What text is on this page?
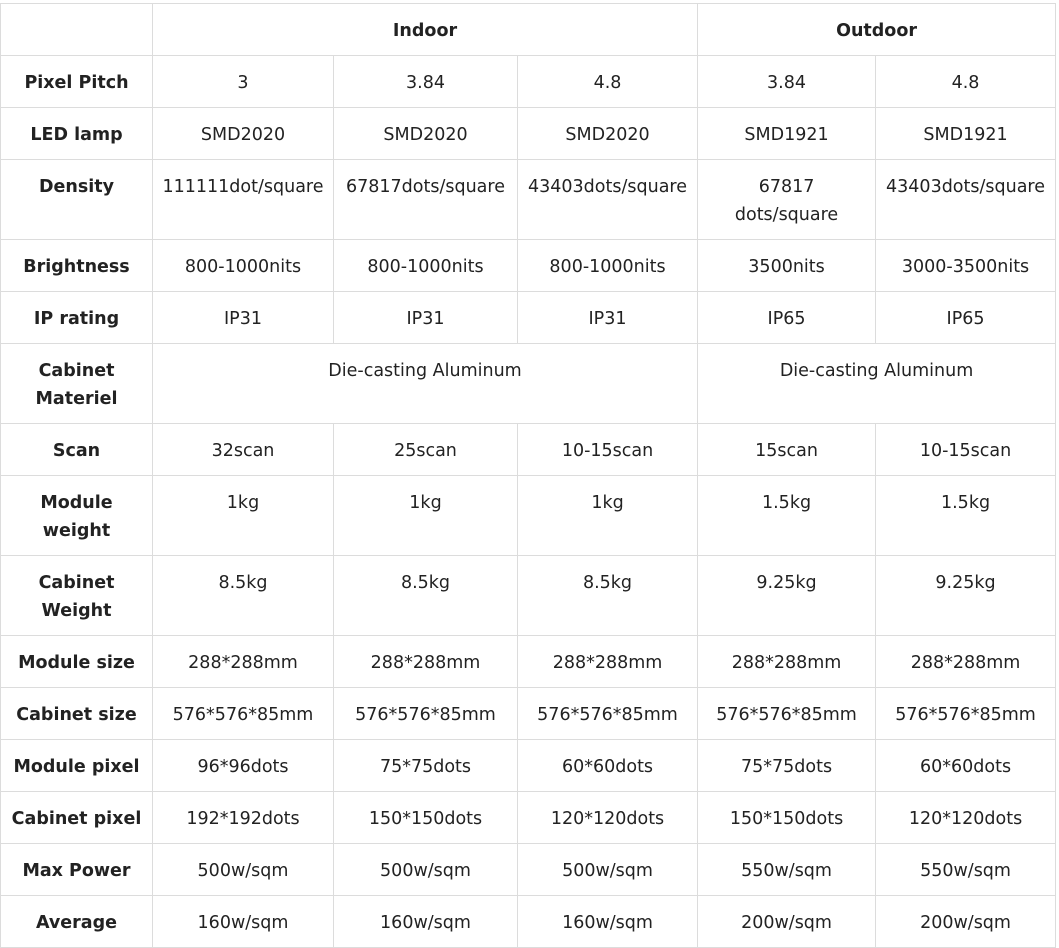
	Indoor			Outdoor	
Pixel Pitch	3	3.84	4.8	3.84	4.8
LED lamp	SMD2020	SMD2020	SMD2020	SMD1921	SMD1921
Density	111111dot/square	67817dots/square	43403dots/square	67817 dots/square	43403dots/square
Brightness	800-1000nits	800-1000nits	800-1000nits	3500nits	3000-3500nits
IP rating	IP31	IP31	IP31	IP65	IP65
Cabinet Materiel	Die-casting Aluminum			Die-casting Aluminum	
Scan	32scan	25scan	10-15scan	15scan	10-15scan
Module weight	1kg	1kg	1kg	1.5kg	1.5kg
Cabinet Weight	8.5kg	8.5kg	8.5kg	9.25kg	9.25kg
Module size	288*288mm	288*288mm	288*288mm	288*288mm	288*288mm
Cabinet size	576*576*85mm	576*576*85mm	576*576*85mm	576*576*85mm	576*576*85mm
Module pixel	96*96dots	75*75dots	60*60dots	75*75dots	60*60dots
Cabinet pixel	192*192dots	150*150dots	120*120dots	150*150dots	120*120dots
Max Power	500w/sqm	500w/sqm	500w/sqm	550w/sqm	550w/sqm
Average	160w/sqm	160w/sqm	160w/sqm	200w/sqm	200w/sqm
